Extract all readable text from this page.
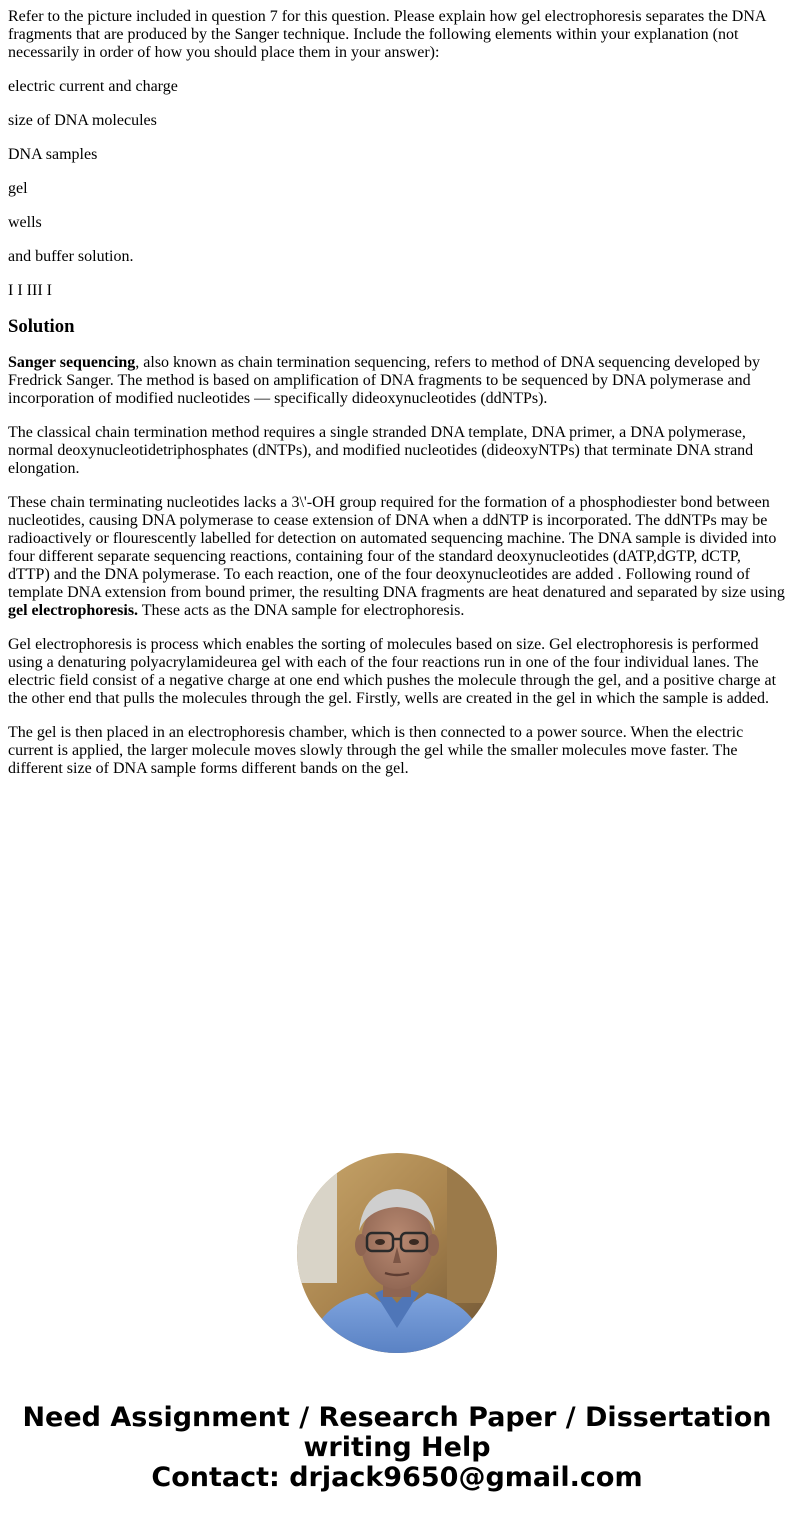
Refer to the picture included in question 7 for this question. Please explain how gel electrophoresis separates the DNA fragments that are produced by the Sanger technique. Include the following elements within your explanation (not necessarily in order of how you should place them in your answer):

electric current and charge

size of DNA molecules

DNA samples

gel

wells

and buffer solution.

I I III I

Solution

Sanger sequencing, also known as chain termination sequencing, refers to method of DNA sequencing developed by Fredrick Sanger. The method is based on amplification of DNA fragments to be sequenced by DNA polymerase and incorporation of modified nucleotides — specifically dideoxynucleotides (ddNTPs).

The classical chain termination method requires a single stranded DNA template, DNA primer, a DNA polymerase, normal deoxynucleotidetriphosphates (dNTPs), and modified nucleotides (dideoxyNTPs) that terminate DNA strand elongation.

These chain terminating nucleotides lacks a 3\'-OH group required for the formation of a phosphodiester bond between nucleotides, causing DNA polymerase to cease extension of DNA when a ddNTP is incorporated. The ddNTPs may be radioactively or flourescently labelled for detection on automated sequencing machine. The DNA sample is divided into four different separate sequencing reactions, containing four of the standard deoxynucleotides (dATP,dGTP, dCTP, dTTP) and the DNA polymerase. To each reaction, one of the four deoxynucleotides are added . Following round of template DNA extension from bound primer, the resulting DNA fragments are heat denatured and separated by size using gel electrophoresis. These acts as the DNA sample for electrophoresis.

Gel electrophoresis is process which enables the sorting of molecules based on size. Gel electrophoresis is performed using a denaturing polyacrylamideurea gel with each of the four reactions run in one of the four individual lanes. The electric field consist of a negative charge at one end which pushes the molecule through the gel, and a positive charge at the other end that pulls the molecules through the gel. Firstly, wells are created in the gel in which the sample is added.

The gel is then placed in an electrophoresis chamber, which is then connected to a power source. When the electric current is applied, the larger molecule moves slowly through the gel while the smaller molecules move faster. The different size of DNA sample forms different bands on the gel.

Need Assignment / Research Paper / Dissertation
writing Help
Contact: drjack9650@gmail.com
